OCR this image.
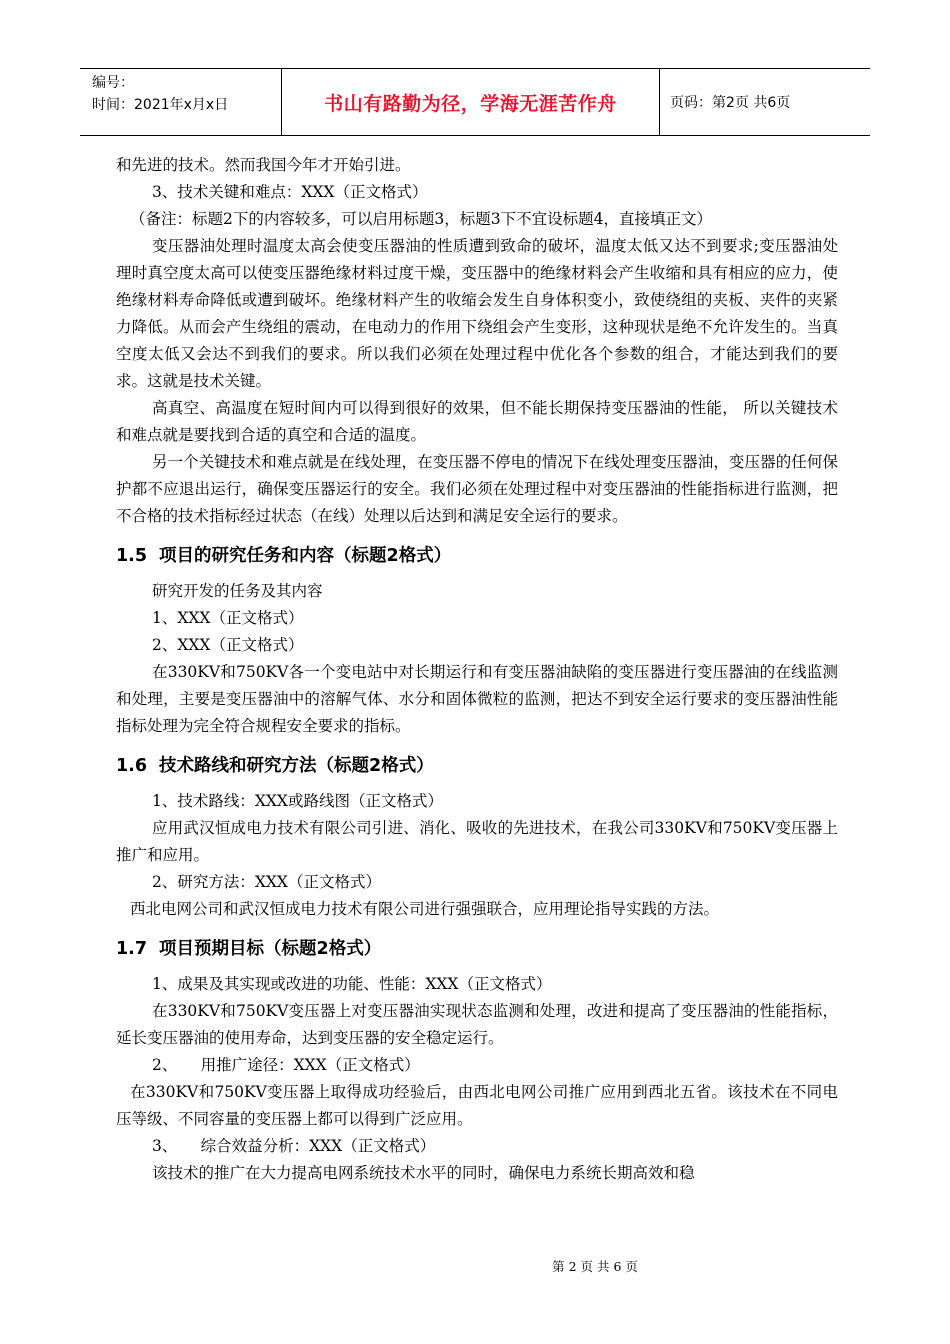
编号：
时间：2021年x月x日	书山有路勤为径，学海无涯苦作舟	页码：第2页 共6页

和先进的技术。然而我国今年才开始引进。

3、技术关键和难点：XXX（正文格式）

（备注：标题2下的内容较多，可以启用标题3，标题3下不宜设标题4，直接填正文）

变压器油处理时温度太高会使变压器油的性质遭到致命的破坏，温度太低又达不到要求;变压器油处理时真空度太高可以使变压器绝缘材料过度干燥，变压器中的绝缘材料会产生收缩和具有相应的应力，使绝缘材料寿命降低或遭到破坏。绝缘材料产生的收缩会发生自身体积变小，致使绕组的夹板、夹件的夹紧力降低。从而会产生绕组的震动，在电动力的作用下绕组会产生变形，这种现状是绝不允许发生的。当真空度太低又会达不到我们的要求。所以我们必须在处理过程中优化各个参数的组合，才能达到我们的要求。这就是技术关键。

高真空、高温度在短时间内可以得到很好的效果，但不能长期保持变压器油的性能， 所以关键技术和难点就是要找到合适的真空和合适的温度。

另一个关键技术和难点就是在线处理，在变压器不停电的情况下在线处理变压器油，变压器的任何保护都不应退出运行，确保变压器运行的安全。我们必须在处理过程中对变压器油的性能指标进行监测，把不合格的技术指标经过状态（在线）处理以后达到和满足安全运行的要求。

1.5 项目的研究任务和内容（标题2格式）

研究开发的任务及其内容

1、XXX（正文格式）

2、XXX（正文格式）

在330KV和750KV各一个变电站中对长期运行和有变压器油缺陷的变压器进行变压器油的在线监测和处理，主要是变压器油中的溶解气体、水分和固体微粒的监测，把达不到安全运行要求的变压器油性能指标处理为完全符合规程安全要求的指标。

1.6 技术路线和研究方法（标题2格式）

1、技术路线：XXX或路线图（正文格式）

应用武汉恒成电力技术有限公司引进、消化、吸收的先进技术，在我公司330KV和750KV变压器上推广和应用。

2、研究方法：XXX（正文格式）

西北电网公司和武汉恒成电力技术有限公司进行强强联合，应用理论指导实践的方法。

1.7 项目预期目标（标题2格式）

1、成果及其实现或改进的功能、性能：XXX（正文格式）

在330KV和750KV变压器上对变压器油实现状态监测和处理，改进和提高了变压器油的性能指标，延长变压器油的使用寿命，达到变压器的安全稳定运行。

2、　　用推广途径：XXX（正文格式）

在330KV和750KV变压器上取得成功经验后，由西北电网公司推广应用到西北五省。该技术在不同电压等级、不同容量的变压器上都可以得到广泛应用。

3、　　综合效益分析：XXX（正文格式）

该技术的推广在大力提高电网系统技术水平的同时，确保电力系统长期高效和稳

第 2 页 共 6 页
